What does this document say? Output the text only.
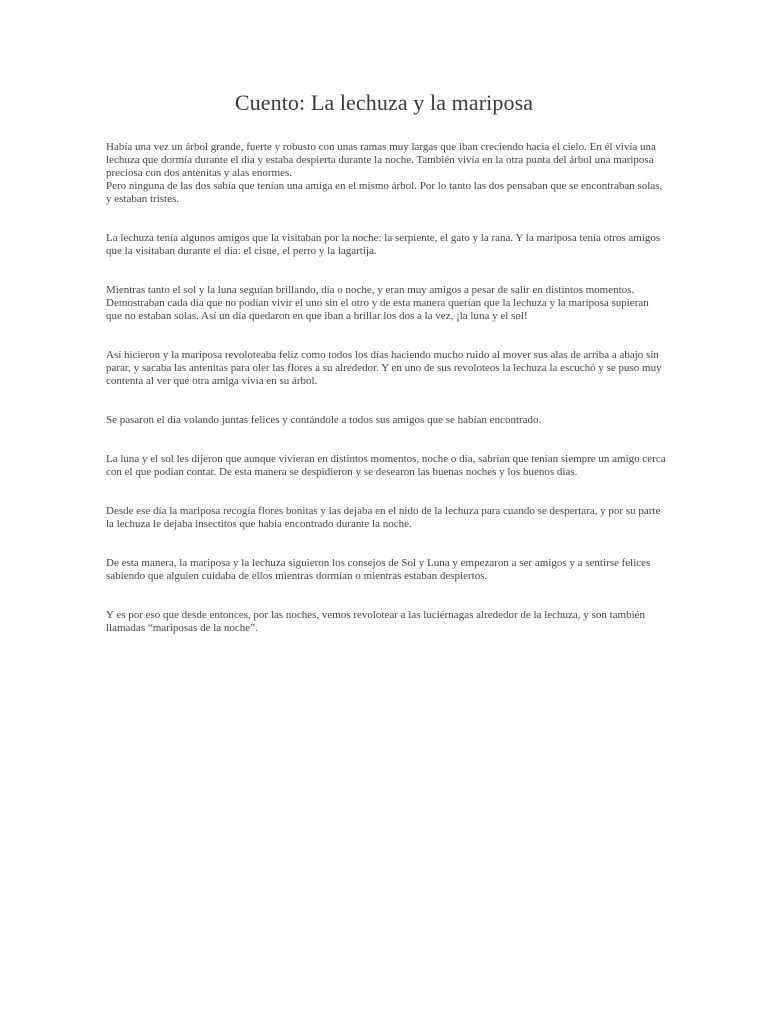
Cuento: La lechuza y la mariposa

Había una vez un árbol grande, fuerte y robusto con unas ramas muy largas que iban creciendo hacia el cielo. En él vivía una lechuza que dormía durante el día y estaba despierta durante la noche. También vivía en la otra punta del árbol una mariposa preciosa con dos antenitas y alas enormes.
Pero ninguna de las dos sabía que tenían una amiga en el mismo árbol. Por lo tanto las dos pensaban que se encontraban solas, y estaban tristes.

La lechuza tenía algunos amigos que la visitaban por la noche: la serpiente, el gato y la rana. Y la mariposa tenía otros amigos que la visitaban durante el día: el cisne, el perro y la lagartija.

Mientras tanto el sol y la luna seguían brillando, día o noche, y eran muy amigos a pesar de salir en distintos momentos. Demostraban cada día que no podían vivir el uno sin el otro y de esta manera querían que la lechuza y la mariposa supieran que no estaban solas. Así un día quedaron en que iban a brillar los dos a la vez, ¡la luna y el sol!

Así hicieron y la mariposa revoloteaba feliz como todos los días haciendo mucho ruido al mover sus alas de arriba a abajo sin parar, y sacaba las antenitas para oler las flores a su alrededor. Y en uno de sus revoloteos la lechuza la escuchó y se puso muy contenta al ver que otra amiga vivía en su árbol.

Se pasaron el día volando juntas felices y contándole a todos sus amigos que se habían encontrado.

La luna y el sol les dijeron que aunque vivieran en distintos momentos, noche o día, sabrían que tenían siempre un amigo cerca con el que podían contar. De esta manera se despidieron y se desearon las buenas noches y los buenos días.

Desde ese día la mariposa recogía flores bonitas y las dejaba en el nido de la lechuza para cuando se despertara, y por su parte la lechuza le dejaba insectitos que había encontrado durante la noche.

De esta manera, la mariposa y la lechuza siguieron los consejos de Sol y Luna y empezaron a ser amigos y a sentirse felices sabiendo que alguien cuidaba de ellos mientras dormían o mientras estaban despiertos.

Y es por eso que desde entonces, por las noches, vemos revolotear a las luciérnagas alrededor de la lechuza, y son también llamadas “mariposas de la noche”.
